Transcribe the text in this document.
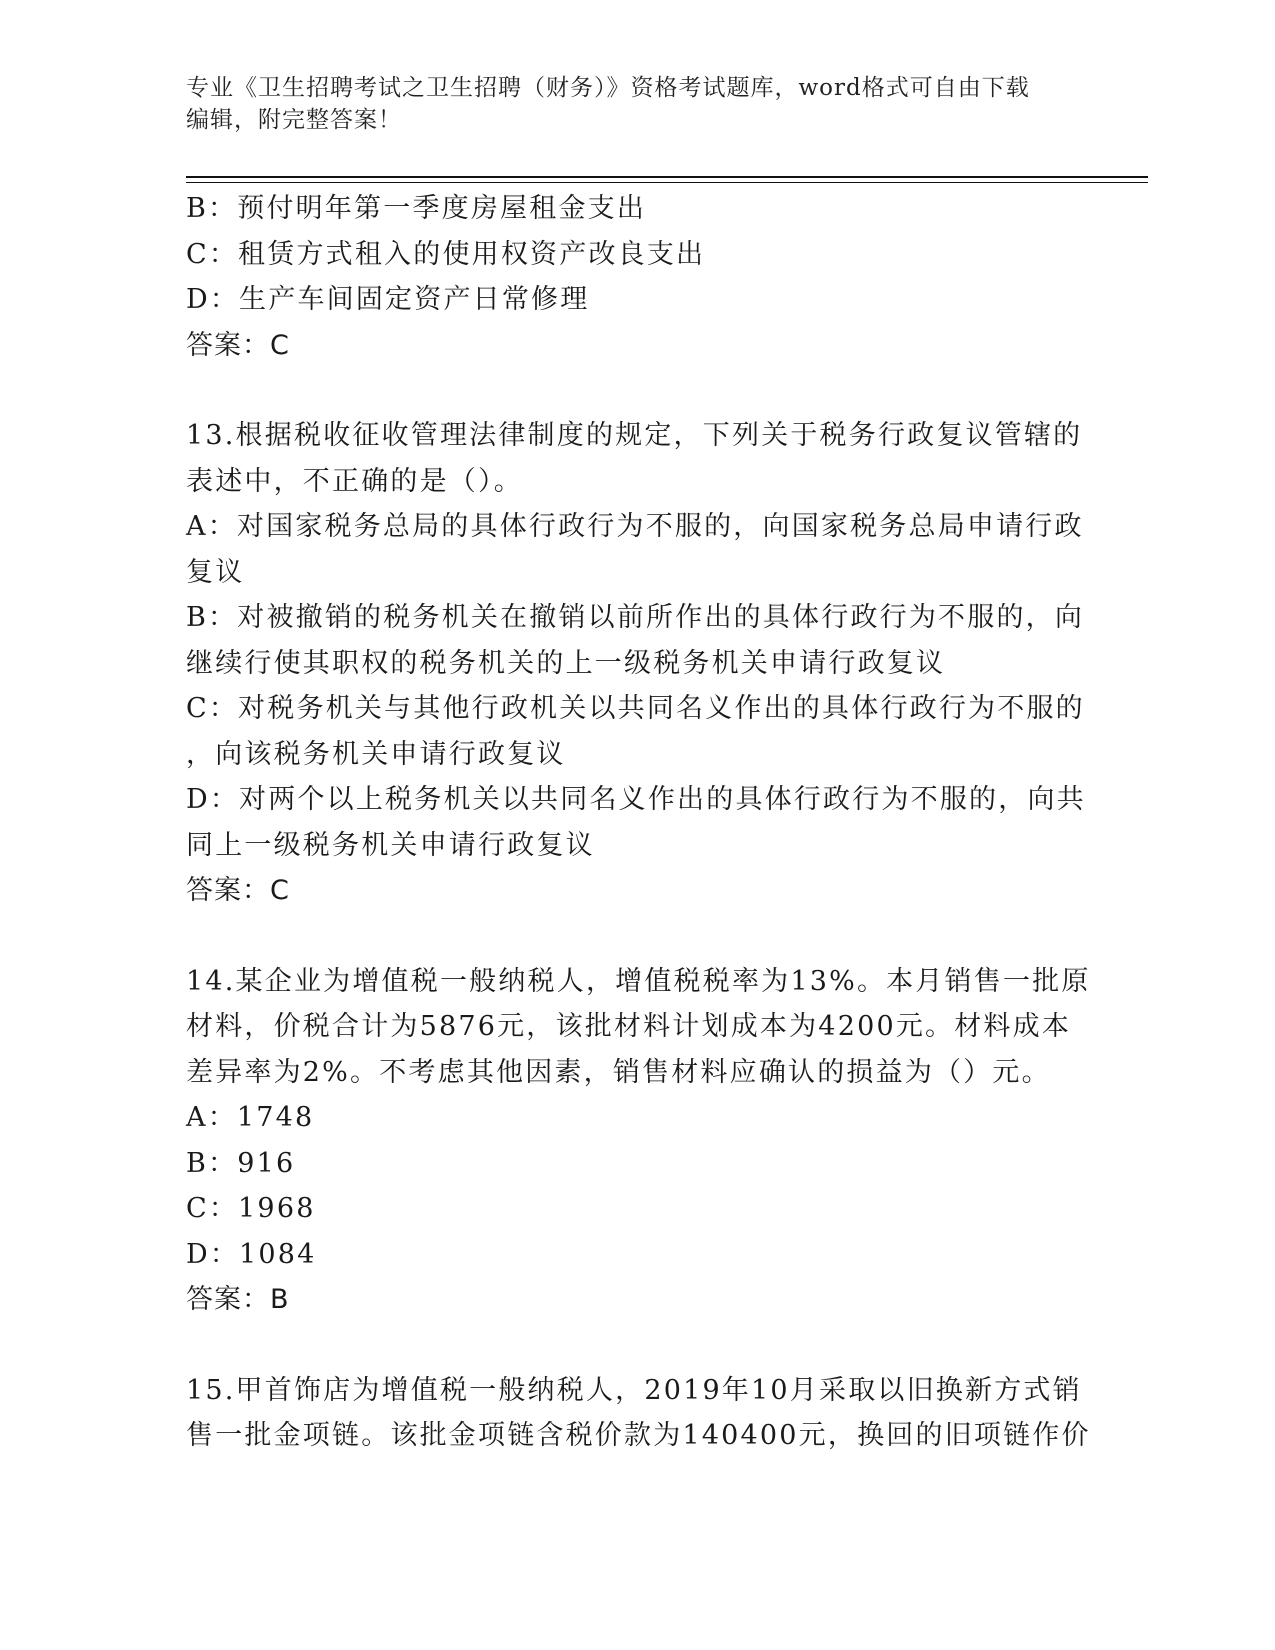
专业《卫生招聘考试之卫生招聘（财务）》资格考试题库，word格式可自由下载
编辑，附完整答案！
B：预付明年第一季度房屋租金支出
C：租赁方式租入的使用权资产改良支出
D：生产车间固定资产日常修理
答案：C
13.根据税收征收管理法律制度的规定，下列关于税务行政复议管辖的
表述中，不正确的是（）。
A：对国家税务总局的具体行政行为不服的，向国家税务总局申请行政
复议
B：对被撤销的税务机关在撤销以前所作出的具体行政行为不服的，向
继续行使其职权的税务机关的上一级税务机关申请行政复议
C：对税务机关与其他行政机关以共同名义作出的具体行政行为不服的
，向该税务机关申请行政复议
D：对两个以上税务机关以共同名义作出的具体行政行为不服的，向共
同上一级税务机关申请行政复议
答案：C
14.某企业为增值税一般纳税人，增值税税率为13%。本月销售一批原
材料，价税合计为5876元，该批材料计划成本为4200元。材料成本
差异率为2%。不考虑其他因素，销售材料应确认的损益为（）元。
A：1748
B：916
C：1968
D：1084
答案：B
15.甲首饰店为增值税一般纳税人，2019年10月采取以旧换新方式销
售一批金项链。该批金项链含税价款为140400元，换回的旧项链作价
